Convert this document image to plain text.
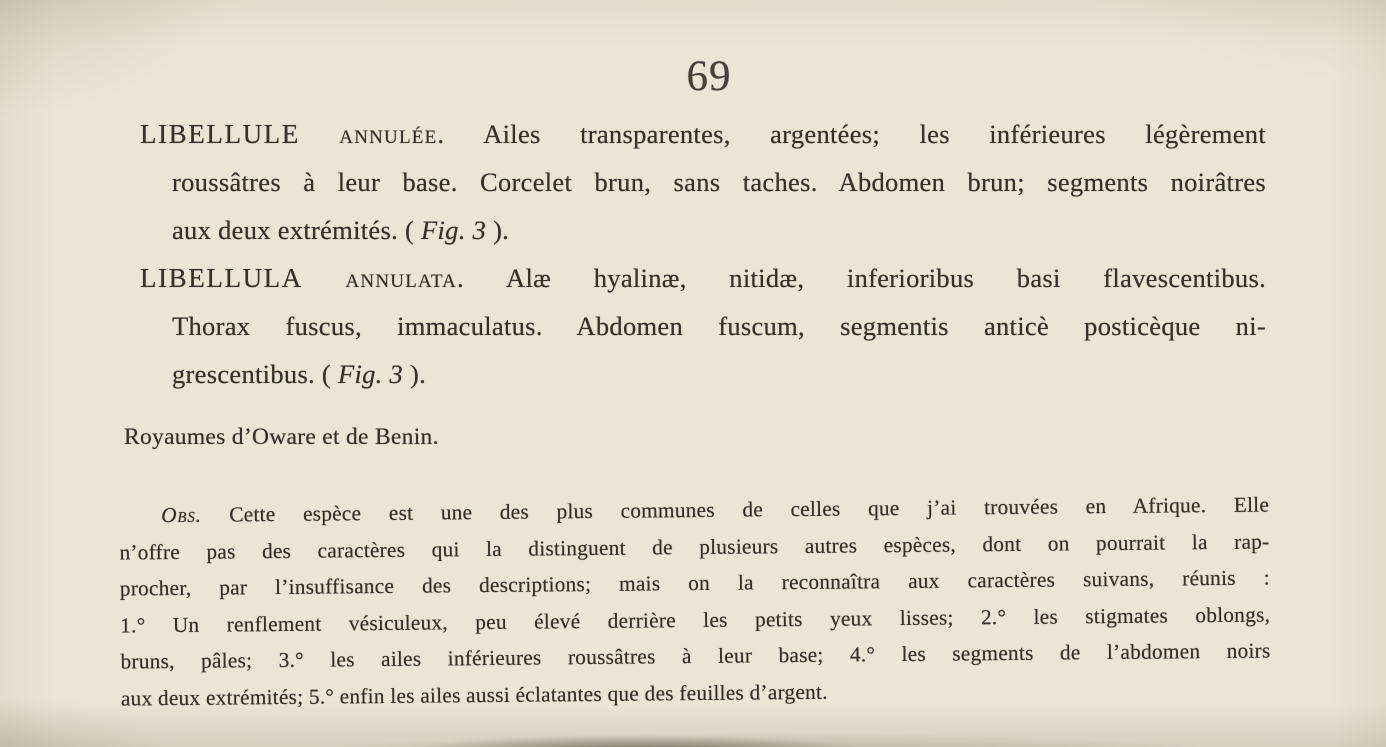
69
LIBELLULE annulée. Ailes transparentes, argentées; les inférieures légèrement
roussâtres à leur base. Corcelet brun, sans taches. Abdomen brun; segments noirâtres
aux deux extrémités. ( Fig. 3 ).
LIBELLULA annulata. Alæ hyalinæ, nitidæ, inferioribus basi flavescentibus.
Thorax fuscus, immaculatus. Abdomen fuscum, segmentis anticè posticèque ni-
grescentibus. ( Fig. 3 ).
Royaumes d’Oware et de Benin.
Obs. Cette espèce est une des plus communes de celles que j’ai trouvées en Afrique. Elle
n’offre pas des caractères qui la distinguent de plusieurs autres espèces, dont on pourrait la rap-
procher, par l’insuffisance des descriptions; mais on la reconnaîtra aux caractères suivans, réunis :
1.° Un renflement vésiculeux, peu élevé derrière les petits yeux lisses; 2.° les stigmates oblongs,
bruns, pâles; 3.° les ailes inférieures roussâtres à leur base; 4.° les segments de l’abdomen noirs
aux deux extrémités; 5.° enfin les ailes aussi éclatantes que des feuilles d’argent.
